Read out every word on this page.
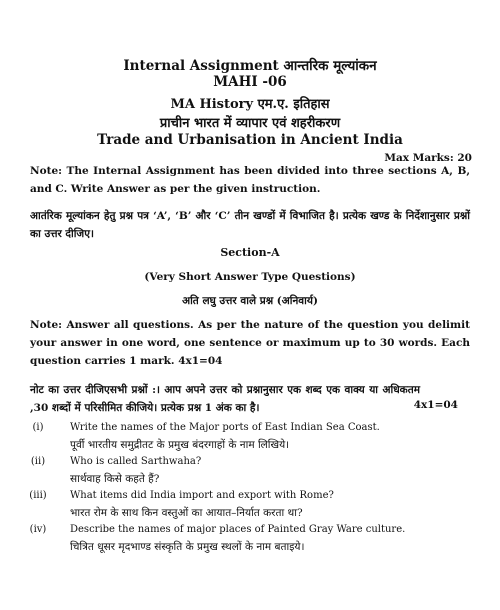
Internal Assignment आन्तरिक मूल्यांकन
MAHI -06
MA History एम.ए. इतिहास
प्राचीन भारत में व्यापार एवं शहरीकरण
Trade and Urbanisation in Ancient India
Max Marks: 20
Note: The Internal Assignment has been divided into three sections A, B, and C. Write Answer as per the given instruction.
आतंरिक मूल्यांकन हेतु प्रश्न पत्र ‘A’, ‘B’ और ‘C’ तीन खण्डों में विभाजित है। प्रत्येक खण्ड के निर्देशानुसार प्रश्नों का उत्तर दीजिए।
Section-A
(Very Short Answer Type Questions)
अति लघु उत्तर वाले प्रश्न (अनिवार्य)
Note: Answer all questions. As per the nature of the question you delimit your answer in one word, one sentence or maximum up to 30 words. Each question carries 1 mark. 4x1=04
नोट का उत्तर दीजिएसभी प्रश्नों :। आप अपने उत्तर को प्रश्नानुसार एक शब्द एक वाक्य या अधिकतम ,30 शब्दों में परिसीमित कीजिये। प्रत्येक प्रश्न 1 अंक का है।	4x1=04
(i)	Write the names of the Major ports of East Indian Sea Coast.
पूर्वी भारतीय समुद्रीतट के प्रमुख बंदरगाहों के नाम लिखिये।
(ii)	Who is called Sarthwaha?
सार्थवाह किसे कहते हैं?
(iii)	What items did India import and export with Rome?
भारत रोम के साथ किन वस्तुओं का आयात–निर्यात करता था?
(iv)	Describe the names of major places of Painted Gray Ware culture.
चित्रित धूसर मृदभाण्ड संस्कृति के प्रमुख स्थलों के नाम बताइये।
